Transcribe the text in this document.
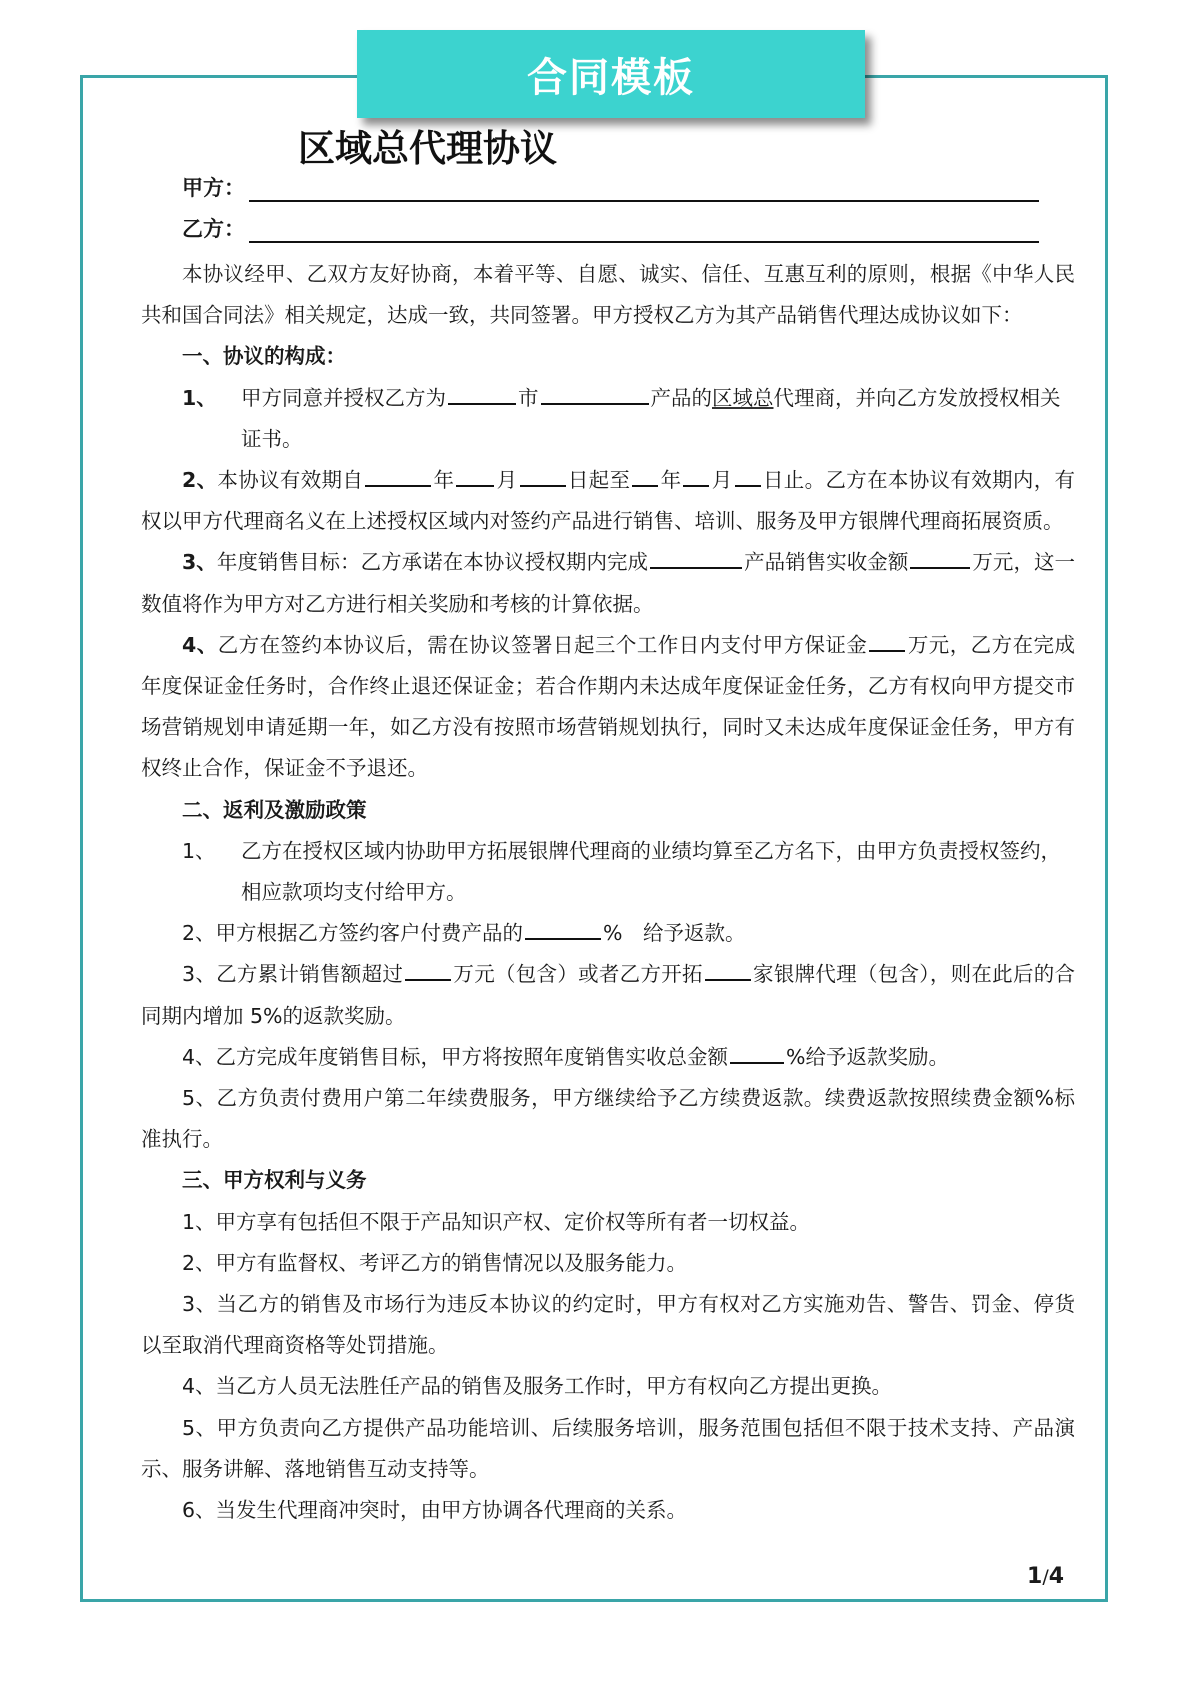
合同模板
区域总代理协议
甲方：
乙方：

本协议经甲、乙双方友好协商，本着平等、自愿、诚实、信任、互惠互利的原则，根据《中华人民共和国合同法》相关规定，达成一致，共同签署。甲方授权乙方为其产品销售代理达成协议如下：

一、协议的构成：

1、 甲方同意并授权乙方为	市	产品的区域总代理商，并向乙方发放授权相关证书。

2、本协议有效期自	年 月 日起至 年 月 日止。乙方在本协议有效期内，有权以甲方代理商名义在上述授权区域内对签约产品进行销售、培训、服务及甲方银牌代理商拓展资质。

3、年度销售目标：乙方承诺在本协议授权期内完成	产品销售实收金额	万元，这一数值将作为甲方对乙方进行相关奖励和考核的计算依据。

4、乙方在签约本协议后，需在协议签署日起三个工作日内支付甲方保证金 万元，乙方在完成年度保证金任务时，合作终止退还保证金；若合作期内未达成年度保证金任务，乙方有权向甲方提交市场营销规划申请延期一年，如乙方没有按照市场营销规划执行，同时又未达成年度保证金任务，甲方有权终止合作，保证金不予退还。

二、返利及激励政策

1、 乙方在授权区域内协助甲方拓展银牌代理商的业绩均算至乙方名下，由甲方负责授权签约，相应款项均支付给甲方。

2、甲方根据乙方签约客户付费产品的	%　给予返款。

3、乙方累计销售额超过 万元（包含）或者乙方开拓 家银牌代理（包含），则在此后的合同期内增加 5%的返款奖励。

4、乙方完成年度销售目标，甲方将按照年度销售实收总金额	%给予返款奖励。

5、乙方负责付费用户第二年续费服务，甲方继续给予乙方续费返款。续费返款按照续费金额%标准执行。

三、甲方权利与义务

1、甲方享有包括但不限于产品知识产权、定价权等所有者一切权益。

2、甲方有监督权、考评乙方的销售情况以及服务能力。

3、当乙方的销售及市场行为违反本协议的约定时，甲方有权对乙方实施劝告、警告、罚金、停货以至取消代理商资格等处罚措施。

4、当乙方人员无法胜任产品的销售及服务工作时，甲方有权向乙方提出更换。

5、甲方负责向乙方提供产品功能培训、后续服务培训，服务范围包括但不限于技术支持、产品演示、服务讲解、落地销售互动支持等。

6、当发生代理商冲突时，由甲方协调各代理商的关系。

1/4
